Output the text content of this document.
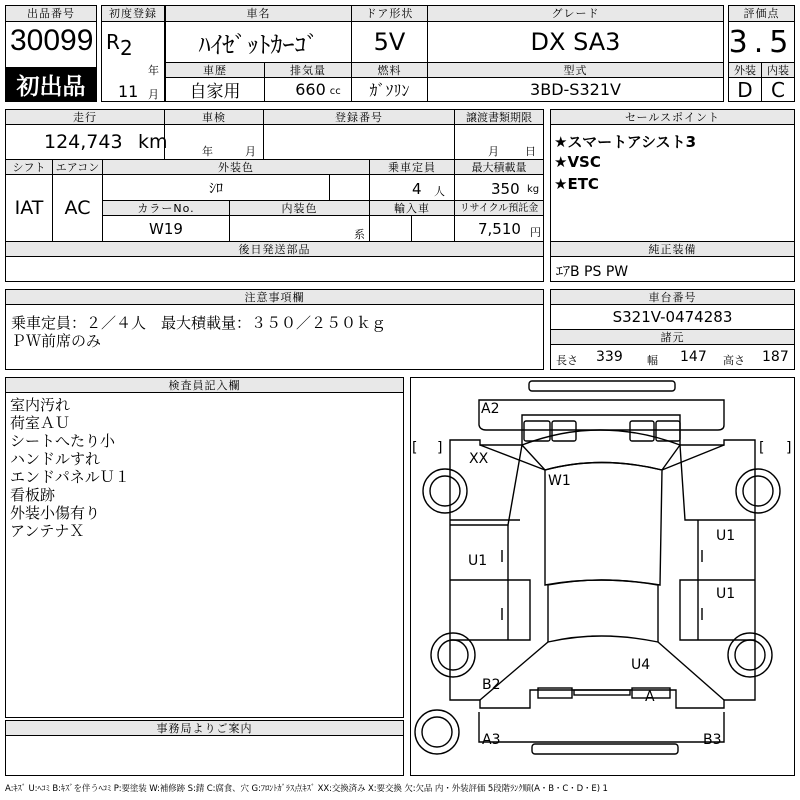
出品番号
30099
初出品
初度登録
R 2
年
11 月
車名
ﾊｲｾﾞｯﾄｶｰｺﾞ
ドア形状
5V
グレード
DX SA3
評価点
3.5
車歴
自家用
排気量
660 cc
燃料
ｶﾞｿﾘﾝ
型式
3BD-S321V
外装
D
内装
C
走行
124,743 km
車検
年	月
登録番号	譲渡書類期限
月 日
セールスポイント
★スマートアシスト3
★VSC
★ETC
シフト
IAT
エアコン
AC
外装色
ｼﾛ
乗車定員
4 人
最大積載量
350 kg
カラーNo.
W19
内装色
系
輸入車	リサイクル預託金
7,510 円
後日発送部品	純正装備
ｴｱB PS PW
注意事項欄
乗車定員：２／４人　最大積載量：３５０／２５０ｋｇ
ＰＷ前席のみ
車台番号
S321V-0474283
諸元
長さ 339 幅 147 高さ 187
検査員記入欄
室内汚れ
荷室ＡＵ
シートへたり小
ハンドルすれ
エンドパネルＵ１
看板跡
外装小傷有り
アンテナＸ
事務局よりご案内
A2
XX
W1
U1
U1
U1
U4
B2
A
A3	B3
[ ]	[ ]
A:ｷｽﾞ U:ﾍｺﾐ B:ｷｽﾞを伴うﾍｺﾐ P:要塗装 W:補修跡 S:錆 C:腐食、穴 G:ﾌﾛﾝﾄｶﾞﾗｽ点ｷｽﾞ XX:交換済み X:要交換 欠:欠品 内・外装評価 5段階ﾗﾝｸ順(A・B・C・D・E) 1
